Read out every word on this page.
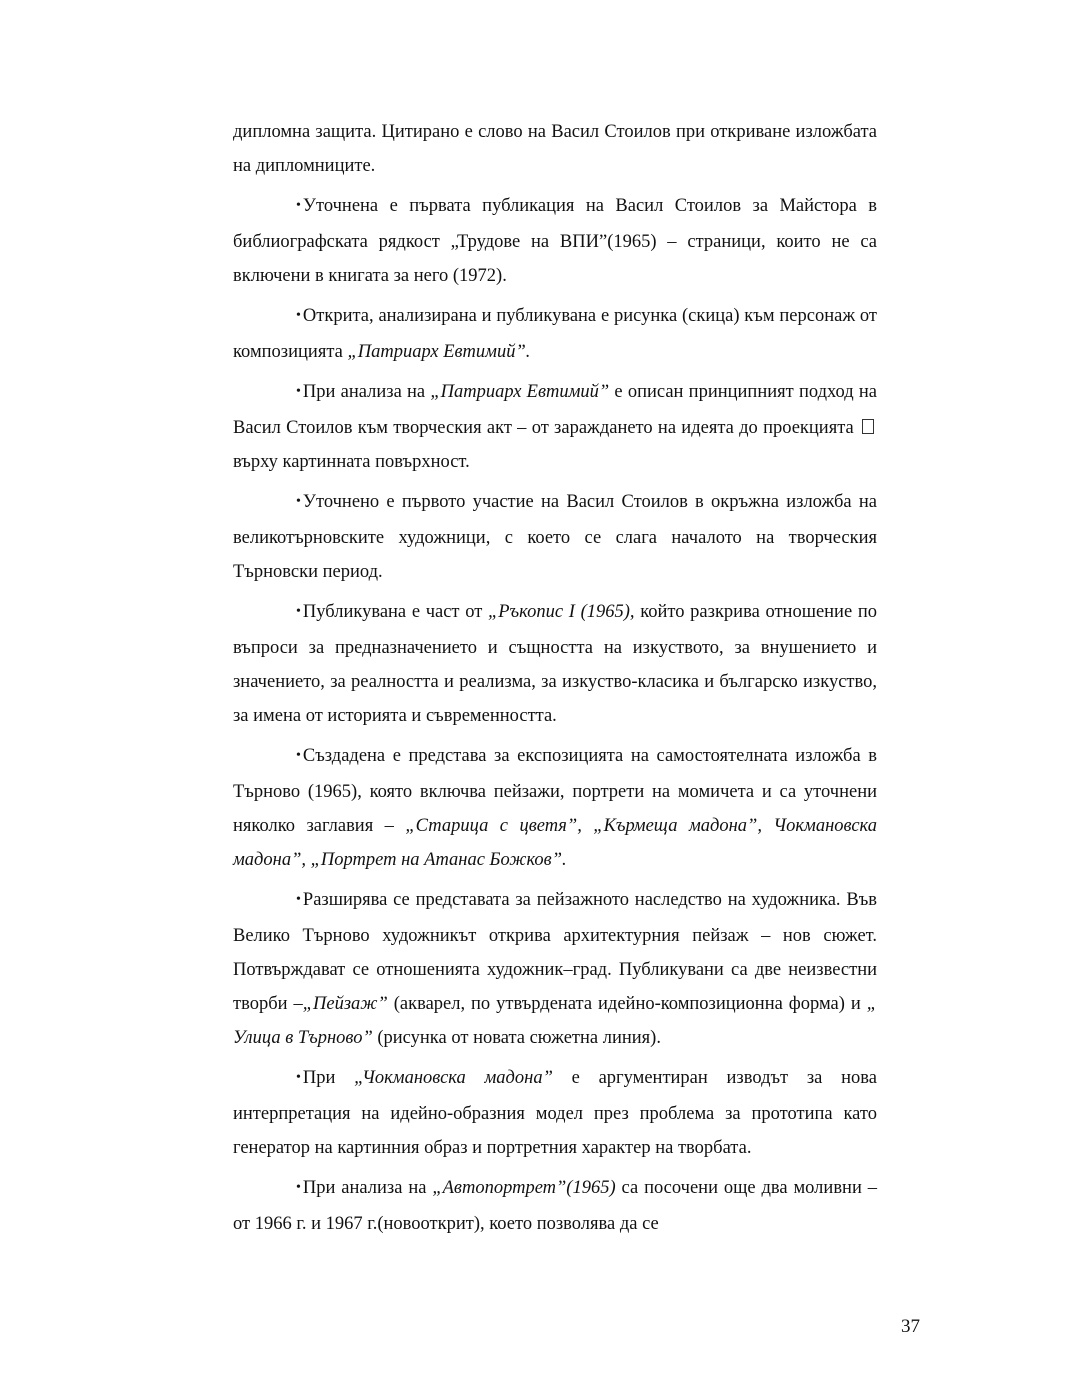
дипломна защита. Цитирано е слово на Васил Стоилов при откриване изложбата на дипломниците.

• Уточнена е първата публикация на Васил Стоилов за Майстора в библиографската рядкост „Трудове на ВПИ”(1965) – страници, които не са включени в книгата за него (1972).

• Открита, анализирана и публикувана е рисунка (скица) към персонаж от композицията „Патриарх Евтимий”.

• При анализа на „Патриарх Евтимий” е описан принципният подход на Васил Стоилов към творческия акт – от зараждането на идеята до проекцията  върху картинната повърхност.

• Уточнено е първото участие на Васил Стоилов в окръжна изложба на великотърновските художници, с което се слага началото на творческия Търновски период.

• Публикувана е част от „Ръкопис I (1965), който разкрива отношение по въпроси за предназначението и същността на изкуството, за внушението и значението, за реалността и реализма, за изкуство-класика и българско изкуство, за имена от историята и съвременността.

• Създадена е представа за експозицията на самостоятелната изложба в Търново (1965), която включва пейзажи, портрети на момичета и са уточнени няколко заглавия – „Старица с цветя”, „Кърмеща мадона”, Чокмановска мадона”, „Портрет на Атанас Божков”.

• Разширява се представата за пейзажното наследство на художника. Във Велико Търново художникът открива архитектурния пейзаж – нов сюжет. Потвърждават се отношенията художник–град. Публикувани са две неизвестни творби –„Пейзаж” (акварел, по утвърдената идейно-композиционна форма) и „ Улица в Търново” (рисунка от новата сюжетна линия).

• При „Чокмановска мадона” е аргументиран изводът за нова интерпретация на идейно-образния модел през проблема за прототипа като генератор на картинния образ и портретния характер на творбата.

• При анализа на „Автопортрет”(1965) са посочени още два моливни – от 1966 г. и 1967 г.(новооткрит), което позволява да се

37
